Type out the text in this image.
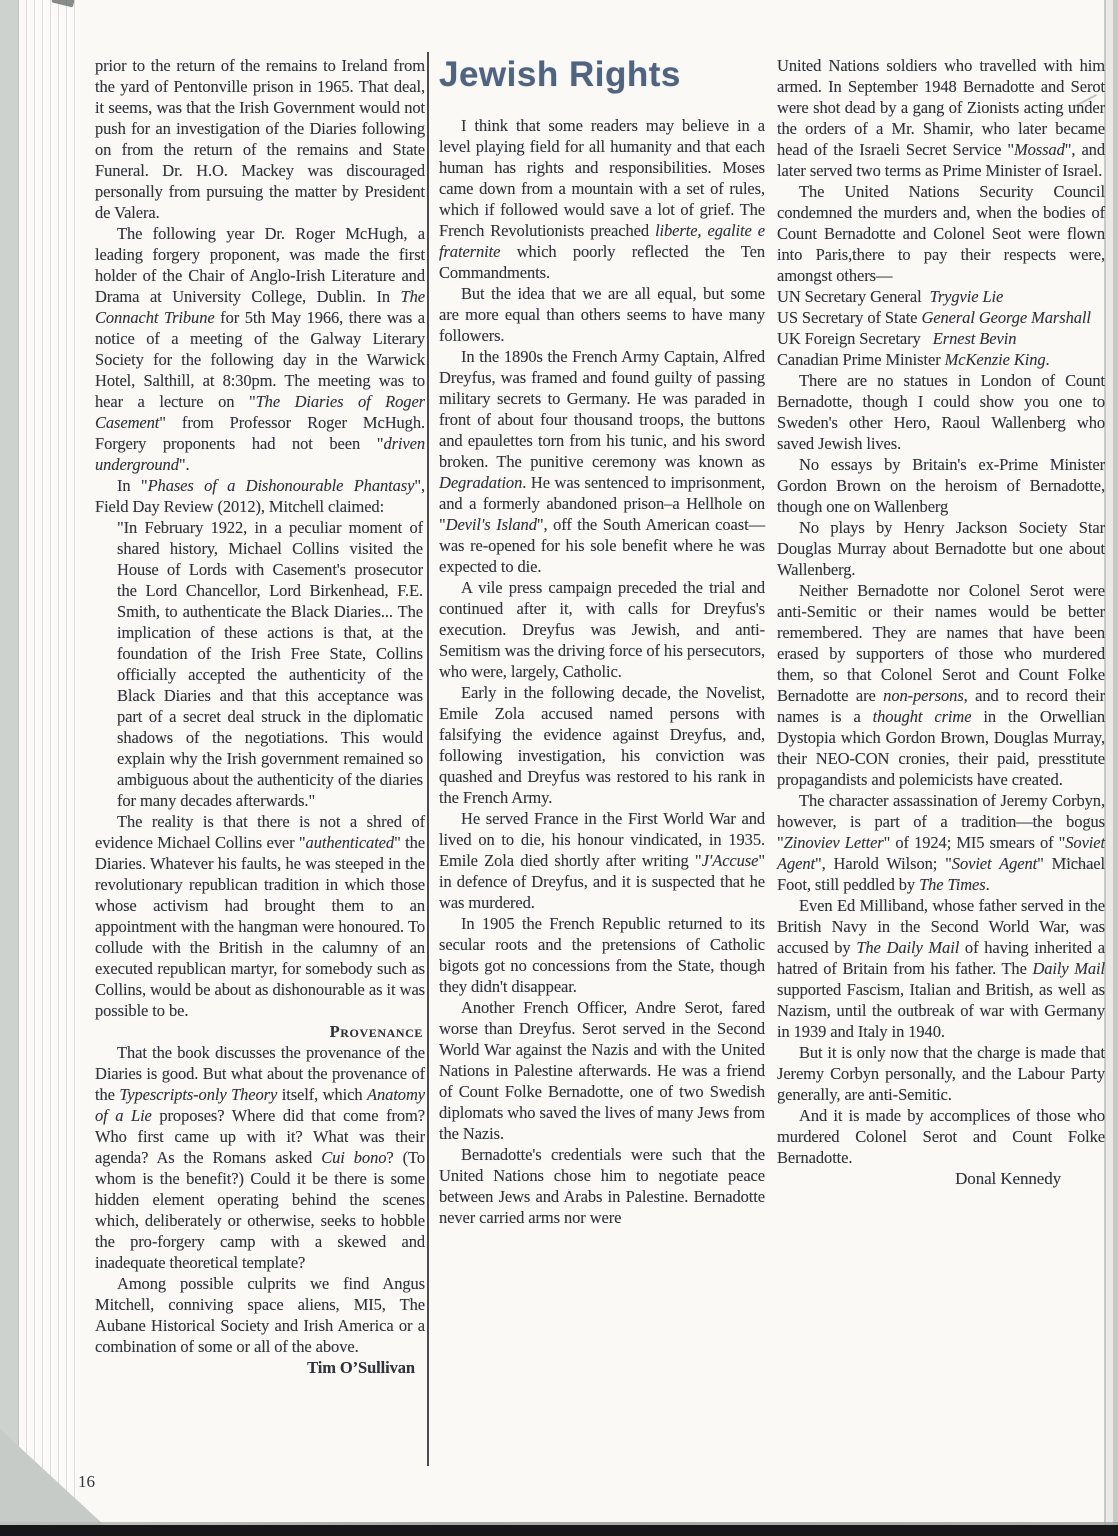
prior to the return of the remains to Ireland from the yard of Pentonville prison in 1965. That deal, it seems, was that the Irish Government would not push for an investigation of the Diaries following on from the return of the remains and State Funeral. Dr. H.O. Mackey was discouraged personally from pursuing the matter by President de Valera.

The following year Dr. Roger McHugh, a leading forgery proponent, was made the first holder of the Chair of Anglo-Irish Literature and Drama at University College, Dublin. In The Connacht Tribune for 5th May 1966, there was a notice of a meeting of the Galway Literary Society for the following day in the Warwick Hotel, Salthill, at 8:30pm. The meeting was to hear a lecture on "The Diaries of Roger Casement" from Professor Roger McHugh. Forgery proponents had not been "driven underground".

In "Phases of a Dishonourable Phantasy", Field Day Review (2012), Mitchell claimed:

"In February 1922, in a peculiar moment of shared history, Michael Collins visited the House of Lords with Casement's prosecutor the Lord Chancellor, Lord Birkenhead, F.E. Smith, to authenticate the Black Diaries... The implication of these actions is that, at the foundation of the Irish Free State, Collins officially accepted the authenticity of the Black Diaries and that this acceptance was part of a secret deal struck in the diplomatic shadows of the negotiations. This would explain why the Irish government remained so ambiguous about the authenticity of the diaries for many decades afterwards."

The reality is that there is not a shred of evidence Michael Collins ever "authenticated" the Diaries. Whatever his faults, he was steeped in the revolutionary republican tradition in which those whose activism had brought them to an appointment with the hangman were honoured. To collude with the British in the calumny of an executed republican martyr, for somebody such as Collins, would be about as dishonourable as it was possible to be.

Provenance

That the book discusses the provenance of the Diaries is good. But what about the provenance of the Typescripts-only Theory itself, which Anatomy of a Lie proposes? Where did that come from? Who first came up with it? What was their agenda? As the Romans asked Cui bono? (To whom is the benefit?) Could it be there is some hidden element operating behind the scenes which, deliberately or otherwise, seeks to hobble the pro-forgery camp with a skewed and inadequate theoretical template?

Among possible culprits we find Angus Mitchell, conniving space aliens, MI5, The Aubane Historical Society and Irish America or a combination of some or all of the above.

Tim O’Sullivan

Jewish Rights

I think that some readers may believe in a level playing field for all humanity and that each human has rights and responsibilities. Moses came down from a mountain with a set of rules, which if followed would save a lot of grief. The French Revolutionists preached liberte, egalite e fraternite which poorly reflected the Ten Commandments.

But the idea that we are all equal, but some are more equal than others seems to have many followers.

In the 1890s the French Army Captain, Alfred Dreyfus, was framed and found guilty of passing military secrets to Germany. He was paraded in front of about four thousand troops, the buttons and epaulettes torn from his tunic, and his sword broken. The punitive ceremony was known as Degradation. He was sentenced to imprisonment, and a formerly abandoned prison–a Hellhole on "Devil's Island", off the South American coast—was re-opened for his sole benefit where he was expected to die.

A vile press campaign preceded the trial and continued after it, with calls for Dreyfus's execution. Dreyfus was Jewish, and anti-Semitism was the driving force of his persecutors, who were, largely, Catholic.

Early in the following decade, the Novelist, Emile Zola accused named persons with falsifying the evidence against Dreyfus, and, following investigation, his conviction was quashed and Dreyfus was restored to his rank in the French Army.

He served France in the First World War and lived on to die, his honour vindicated, in 1935. Emile Zola died shortly after writing "J'Accuse" in defence of Dreyfus, and it is suspected that he was murdered.

In 1905 the French Republic returned to its secular roots and the pretensions of Catholic bigots got no concessions from the State, though they didn't disappear.

Another French Officer, Andre Serot, fared worse than Dreyfus. Serot served in the Second World War against the Nazis and with the United Nations in Palestine afterwards. He was a friend of Count Folke Bernadotte, one of two Swedish diplomats who saved the lives of many Jews from the Nazis.

Bernadotte's credentials were such that the United Nations chose him to negotiate peace between Jews and Arabs in Palestine. Bernadotte never carried arms nor were

United Nations soldiers who travelled with him armed. In September 1948 Bernadotte and Serot were shot dead by a gang of Zionists acting under the orders of a Mr. Shamir, who later became head of the Israeli Secret Service "Mossad", and later served two terms as Prime Minister of Israel.

The United Nations Security Council condemned the murders and, when the bodies of Count Bernadotte and Colonel Seot were flown into Paris,there to pay their respects were, amongst others—

UN Secretary General  Trygvie Lie

US Secretary of State General George Marshall

UK Foreign Secretary   Ernest Bevin

Canadian Prime Minister McKenzie King.

There are no statues in London of Count Bernadotte, though I could show you one to Sweden's other Hero, Raoul Wallenberg who saved Jewish lives.

No essays by Britain's ex-Prime Minister Gordon Brown on the heroism of Bernadotte, though one on Wallenberg

No plays by Henry Jackson Society Star Douglas Murray about Bernadotte but one about Wallenberg.

Neither Bernadotte nor Colonel Serot were anti-Semitic or their names would be better remembered. They are names that have been erased by supporters of those who murdered them, so that Colonel Serot and Count Folke Bernadotte are non-persons, and to record their names is a thought crime in the Orwellian Dystopia which Gordon Brown, Douglas Murray, their NEO-CON cronies, their paid, presstitute propagandists and polemicists have created.

The character assassination of Jeremy Corbyn, however, is part of a tradition—the bogus "Zinoviev Letter" of 1924; MI5 smears of "Soviet Agent", Harold Wilson; "Soviet Agent" Michael Foot, still peddled by The Times.

Even Ed Milliband, whose father served in the British Navy in the Second World War, was accused by The Daily Mail of having inherited a hatred of Britain from his father. The Daily Mail supported Fascism, Italian and British, as well as Nazism, until the outbreak of war with Germany in 1939 and Italy in 1940.

But it is only now that the charge is made that Jeremy Corbyn personally, and the Labour Party generally, are anti-Semitic.

And it is made by accomplices of those who murdered Colonel Serot and Count Folke Bernadotte.

Donal Kennedy

16
